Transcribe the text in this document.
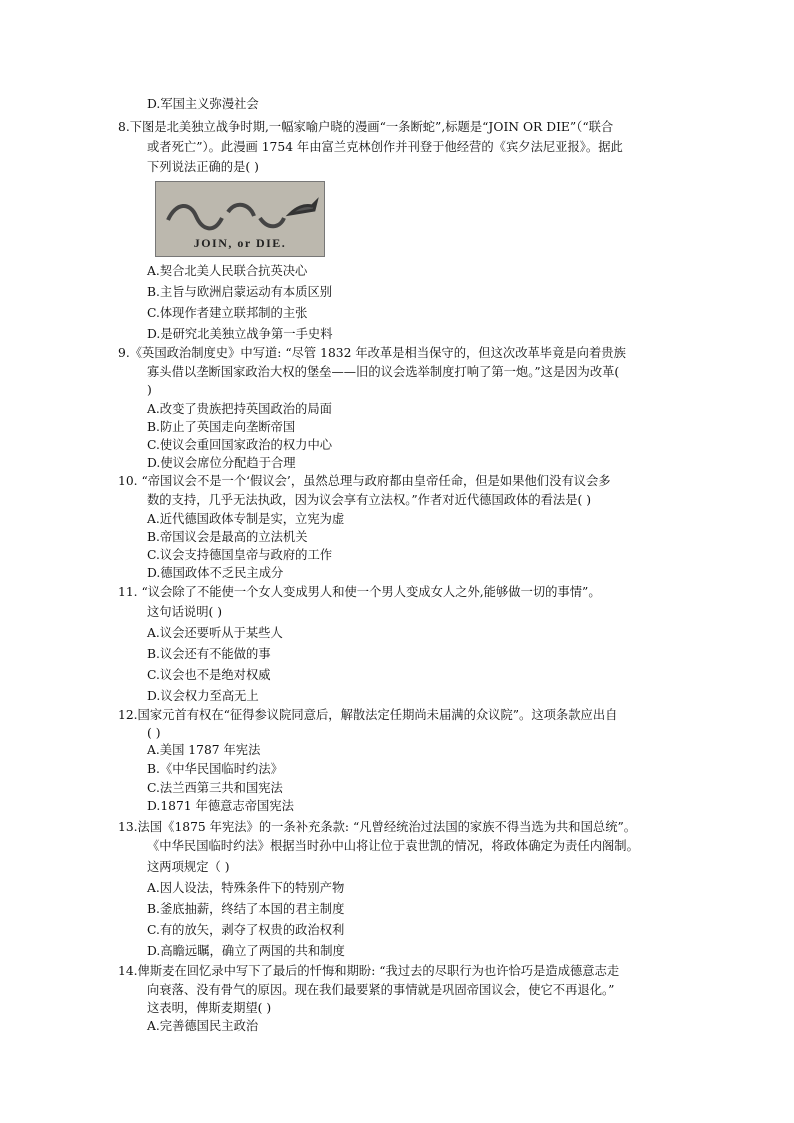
D.军国主义弥漫社会
8.下图是北美独立战争时期,一幅家喻户晓的漫画“一条断蛇”,标题是“JOIN OR DIE”（“联合
或者死亡”）。此漫画 1754 年由富兰克林创作并刊登于他经营的《宾夕法尼亚报》。据此
下列说法正确的是( )
JOIN, or DIE.
A.契合北美人民联合抗英决心
B.主旨与欧洲启蒙运动有本质区别
C.体现作者建立联邦制的主张
D.是研究北美独立战争第一手史料
9.《英国政治制度史》中写道: “尽管 1832 年改革是相当保守的，但这次改革毕竟是向着贵族
寡头借以垄断国家政治大权的堡垒——旧的议会选举制度打响了第一炮。”这是因为改革(
)
A.改变了贵族把持英国政治的局面
B.防止了英国走向垄断帝国
C.使议会重回国家政治的权力中心
D.使议会席位分配趋于合理
10. “帝国议会不是一个‘假议会’，虽然总理与政府都由皇帝任命，但是如果他们没有议会多
数的支持，几乎无法执政，因为议会享有立法权。”作者对近代德国政体的看法是( )
A.近代德国政体专制是实，立宪为虚
B.帝国议会是最高的立法机关
C.议会支持德国皇帝与政府的工作
D.德国政体不乏民主成分
11. “议会除了不能使一个女人变成男人和使一个男人变成女人之外,能够做一切的事情”。
这句话说明( )
A.议会还要听从于某些人
B.议会还有不能做的事
C.议会也不是绝对权威
D.议会权力至高无上
12.国家元首有权在“征得参议院同意后，解散法定任期尚未届满的众议院”。这项条款应出自
( )
A.美国 1787 年宪法
B.《中华民国临时约法》
C.法兰西第三共和国宪法
D.1871 年德意志帝国宪法
13.法国《1875 年宪法》的一条补充条款: “凡曾经统治过法国的家族不得当选为共和国总统”。
《中华民国临时约法》根据当时孙中山将让位于袁世凯的情况，将政体确定为责任内阁制。
这两项规定（ )
A.因人设法，特殊条件下的特别产物
B.釜底抽薪，终结了本国的君主制度
C.有的放矢，剥夺了权贵的政治权利
D.高瞻远瞩，确立了两国的共和制度
14.俾斯麦在回忆录中写下了最后的忏悔和期盼: “我过去的尽职行为也许恰巧是造成德意志走
向衰落、没有骨气的原因。现在我们最要紧的事情就是巩固帝国议会，使它不再退化。”
这表明，俾斯麦期望( )
A.完善德国民主政治
